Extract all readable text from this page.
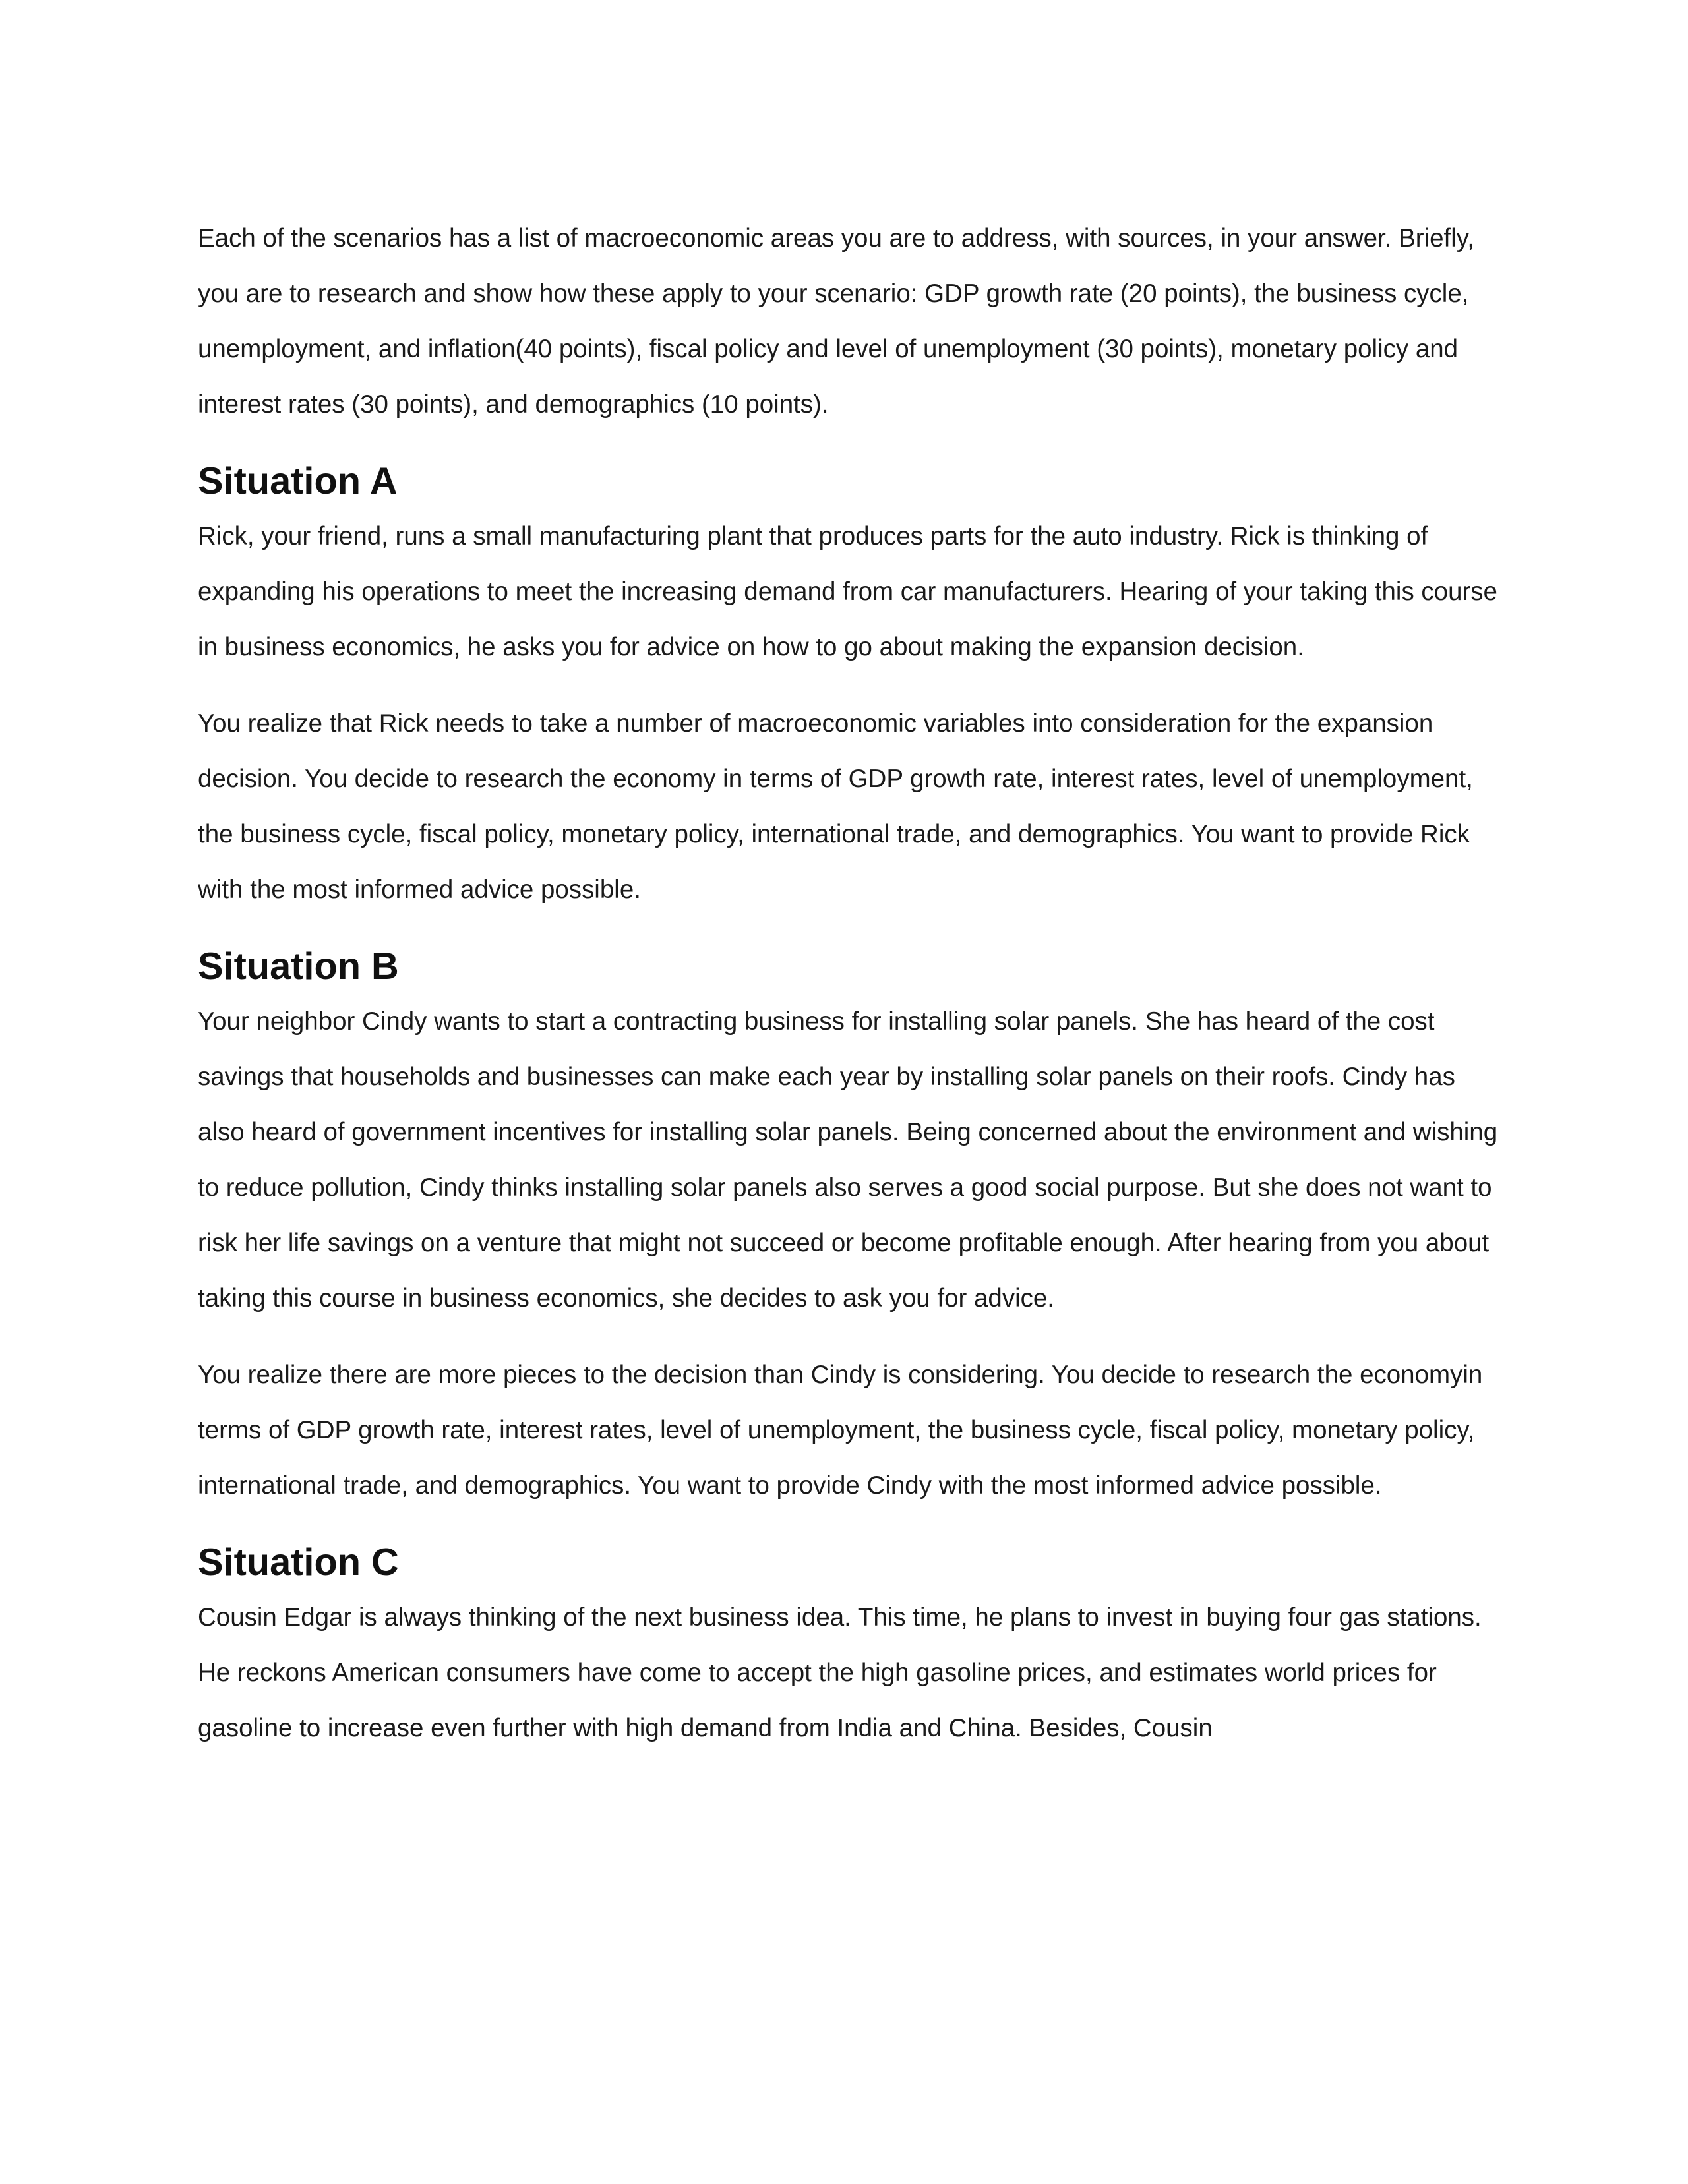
Each of the scenarios has a list of macroeconomic areas you are to address, with sources, in your answer. Briefly, you are to research and show how these apply to your scenario: GDP growth rate (20 points), the business cycle, unemployment, and inflation(40 points), fiscal policy and level of unemployment (30 points), monetary policy and interest rates (30 points), and demographics (10 points).

Situation A

Rick, your friend, runs a small manufacturing plant that produces parts for the auto industry. Rick is thinking of expanding his operations to meet the increasing demand from car manufacturers. Hearing of your taking this course in business economics, he asks you for advice on how to go about making the expansion decision.

You realize that Rick needs to take a number of macroeconomic variables into consideration for the expansion decision. You decide to research the economy in terms of GDP growth rate, interest rates, level of unemployment, the business cycle, fiscal policy, monetary policy, international trade, and demographics. You want to provide Rick with the most informed advice possible.

Situation B

Your neighbor Cindy wants to start a contracting business for installing solar panels. She has heard of the cost savings that households and businesses can make each year by installing solar panels on their roofs. Cindy has also heard of government incentives for installing solar panels. Being concerned about the environment and wishing to reduce pollution, Cindy thinks installing solar panels also serves a good social purpose. But she does not want to risk her life savings on a venture that might not succeed or become profitable enough. After hearing from you about taking this course in business economics, she decides to ask you for advice.

You realize there are more pieces to the decision than Cindy is considering. You decide to research the economyin terms of GDP growth rate, interest rates, level of unemployment, the business cycle, fiscal policy, monetary policy, international trade, and demographics. You want to provide Cindy with the most informed advice possible.

Situation C

Cousin Edgar is always thinking of the next business idea. This time, he plans to invest in buying four gas stations. He reckons American consumers have come to accept the high gasoline prices, and estimates world prices for gasoline to increase even further with high demand from India and China. Besides, Cousin
